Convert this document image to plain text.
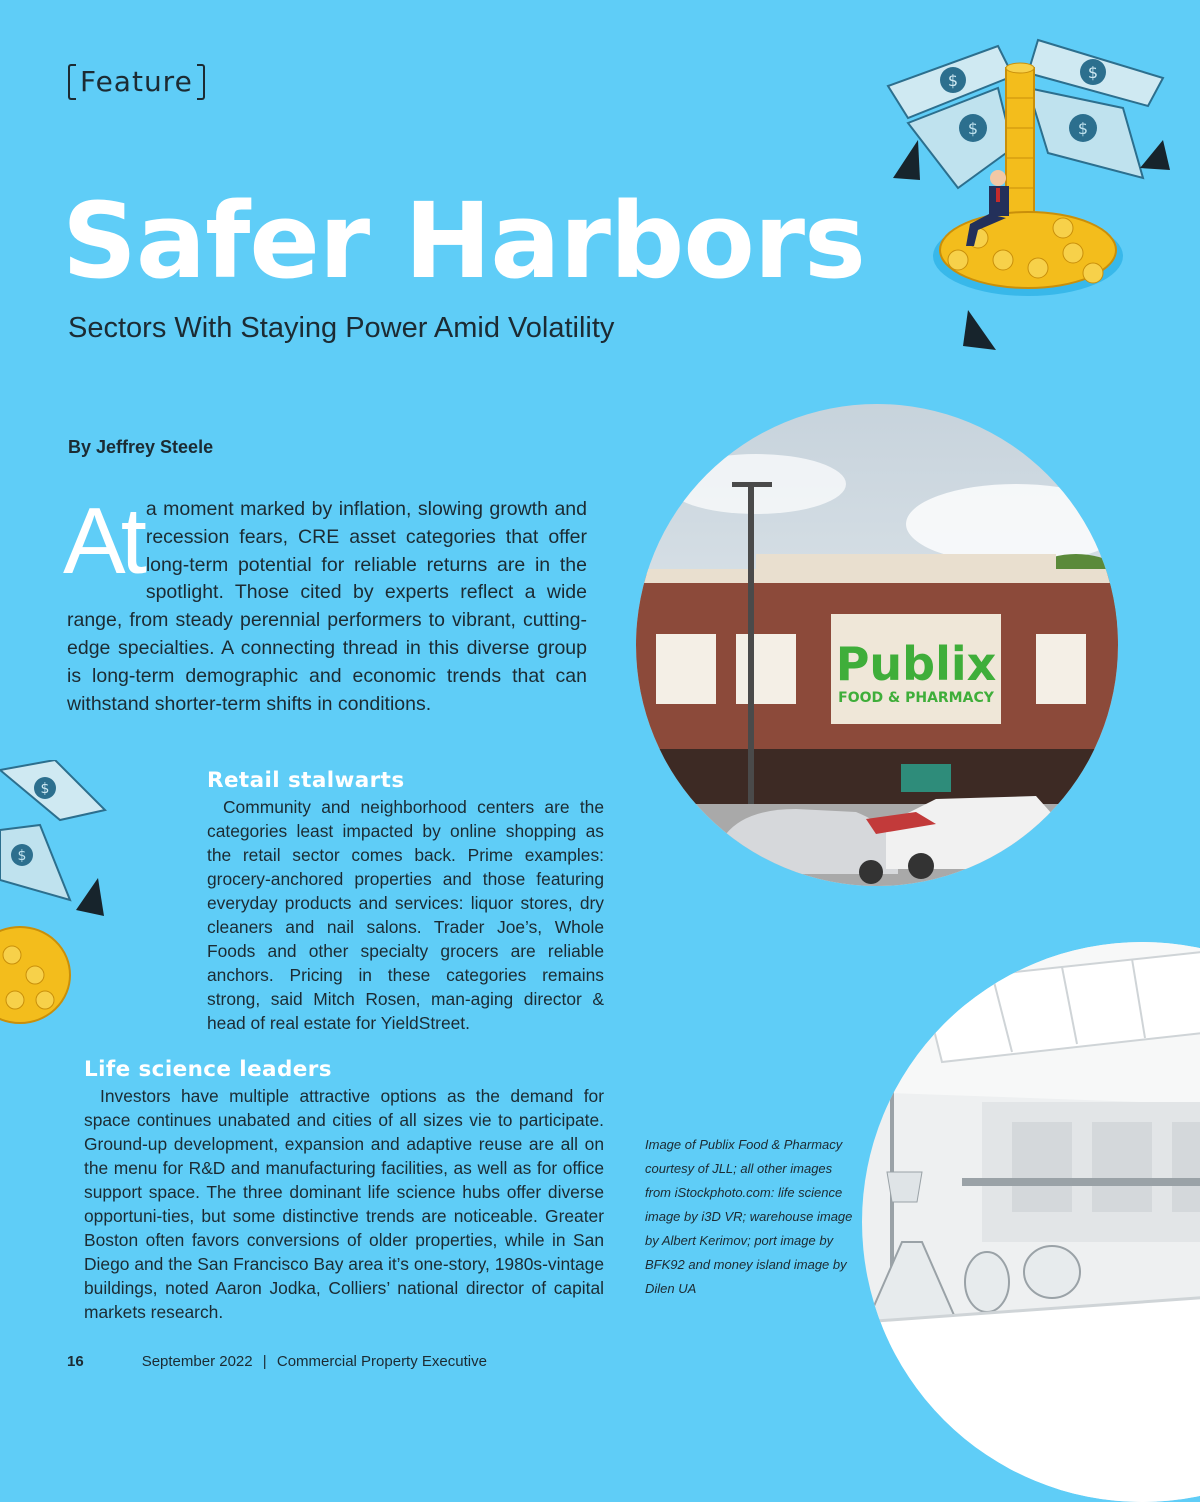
Feature
Safer Harbors
Sectors With Staying Power Amid Volatility
$	$
$	$
$
$
By Jeffrey Steele

At a moment marked by inflation, slowing growth and recession fears, CRE asset categories that offer long-term potential for reliable returns are in the spotlight. Those cited by experts reflect a wide range, from steady perennial performers to vibrant, cutting-edge specialties. A connecting thread in this diverse group is long-term demographic and economic trends that can withstand shorter-term shifts in conditions.

Publix
FOOD & PHARMACY
Retail stalwarts

Community and neighborhood centers are the categories least impacted by online shopping as the retail sector comes back. Prime examples: grocery-anchored properties and those featuring everyday products and services: liquor stores, dry cleaners and nail salons. Trader Joe’s, Whole Foods and other specialty grocers are reliable anchors. Pricing in these categories remains strong, said Mitch Rosen, man-aging director & head of real estate for YieldStreet.

Life science leaders

Investors have multiple attractive options as the demand for space continues unabated and cities of all sizes vie to participate. Ground-up development, expansion and adaptive reuse are all on the menu for R&D and manufacturing facilities, as well as for office support space. The three dominant life science hubs offer diverse opportuni-ties, but some distinctive trends are noticeable. Greater Boston often favors conversions of older properties, while in San Diego and the San Francisco Bay area it’s one-story, 1980s-vintage buildings, noted Aaron Jodka, Colliers’ national director of capital markets research.

Image of Publix Food & Pharmacy courtesy of JLL; all other images from iStockphoto.com: life science image by i3D VR; warehouse image by Albert Kerimov; port image by BFK92 and money island image by Dilen UA

16	September 2022 | Commercial Property Executive
